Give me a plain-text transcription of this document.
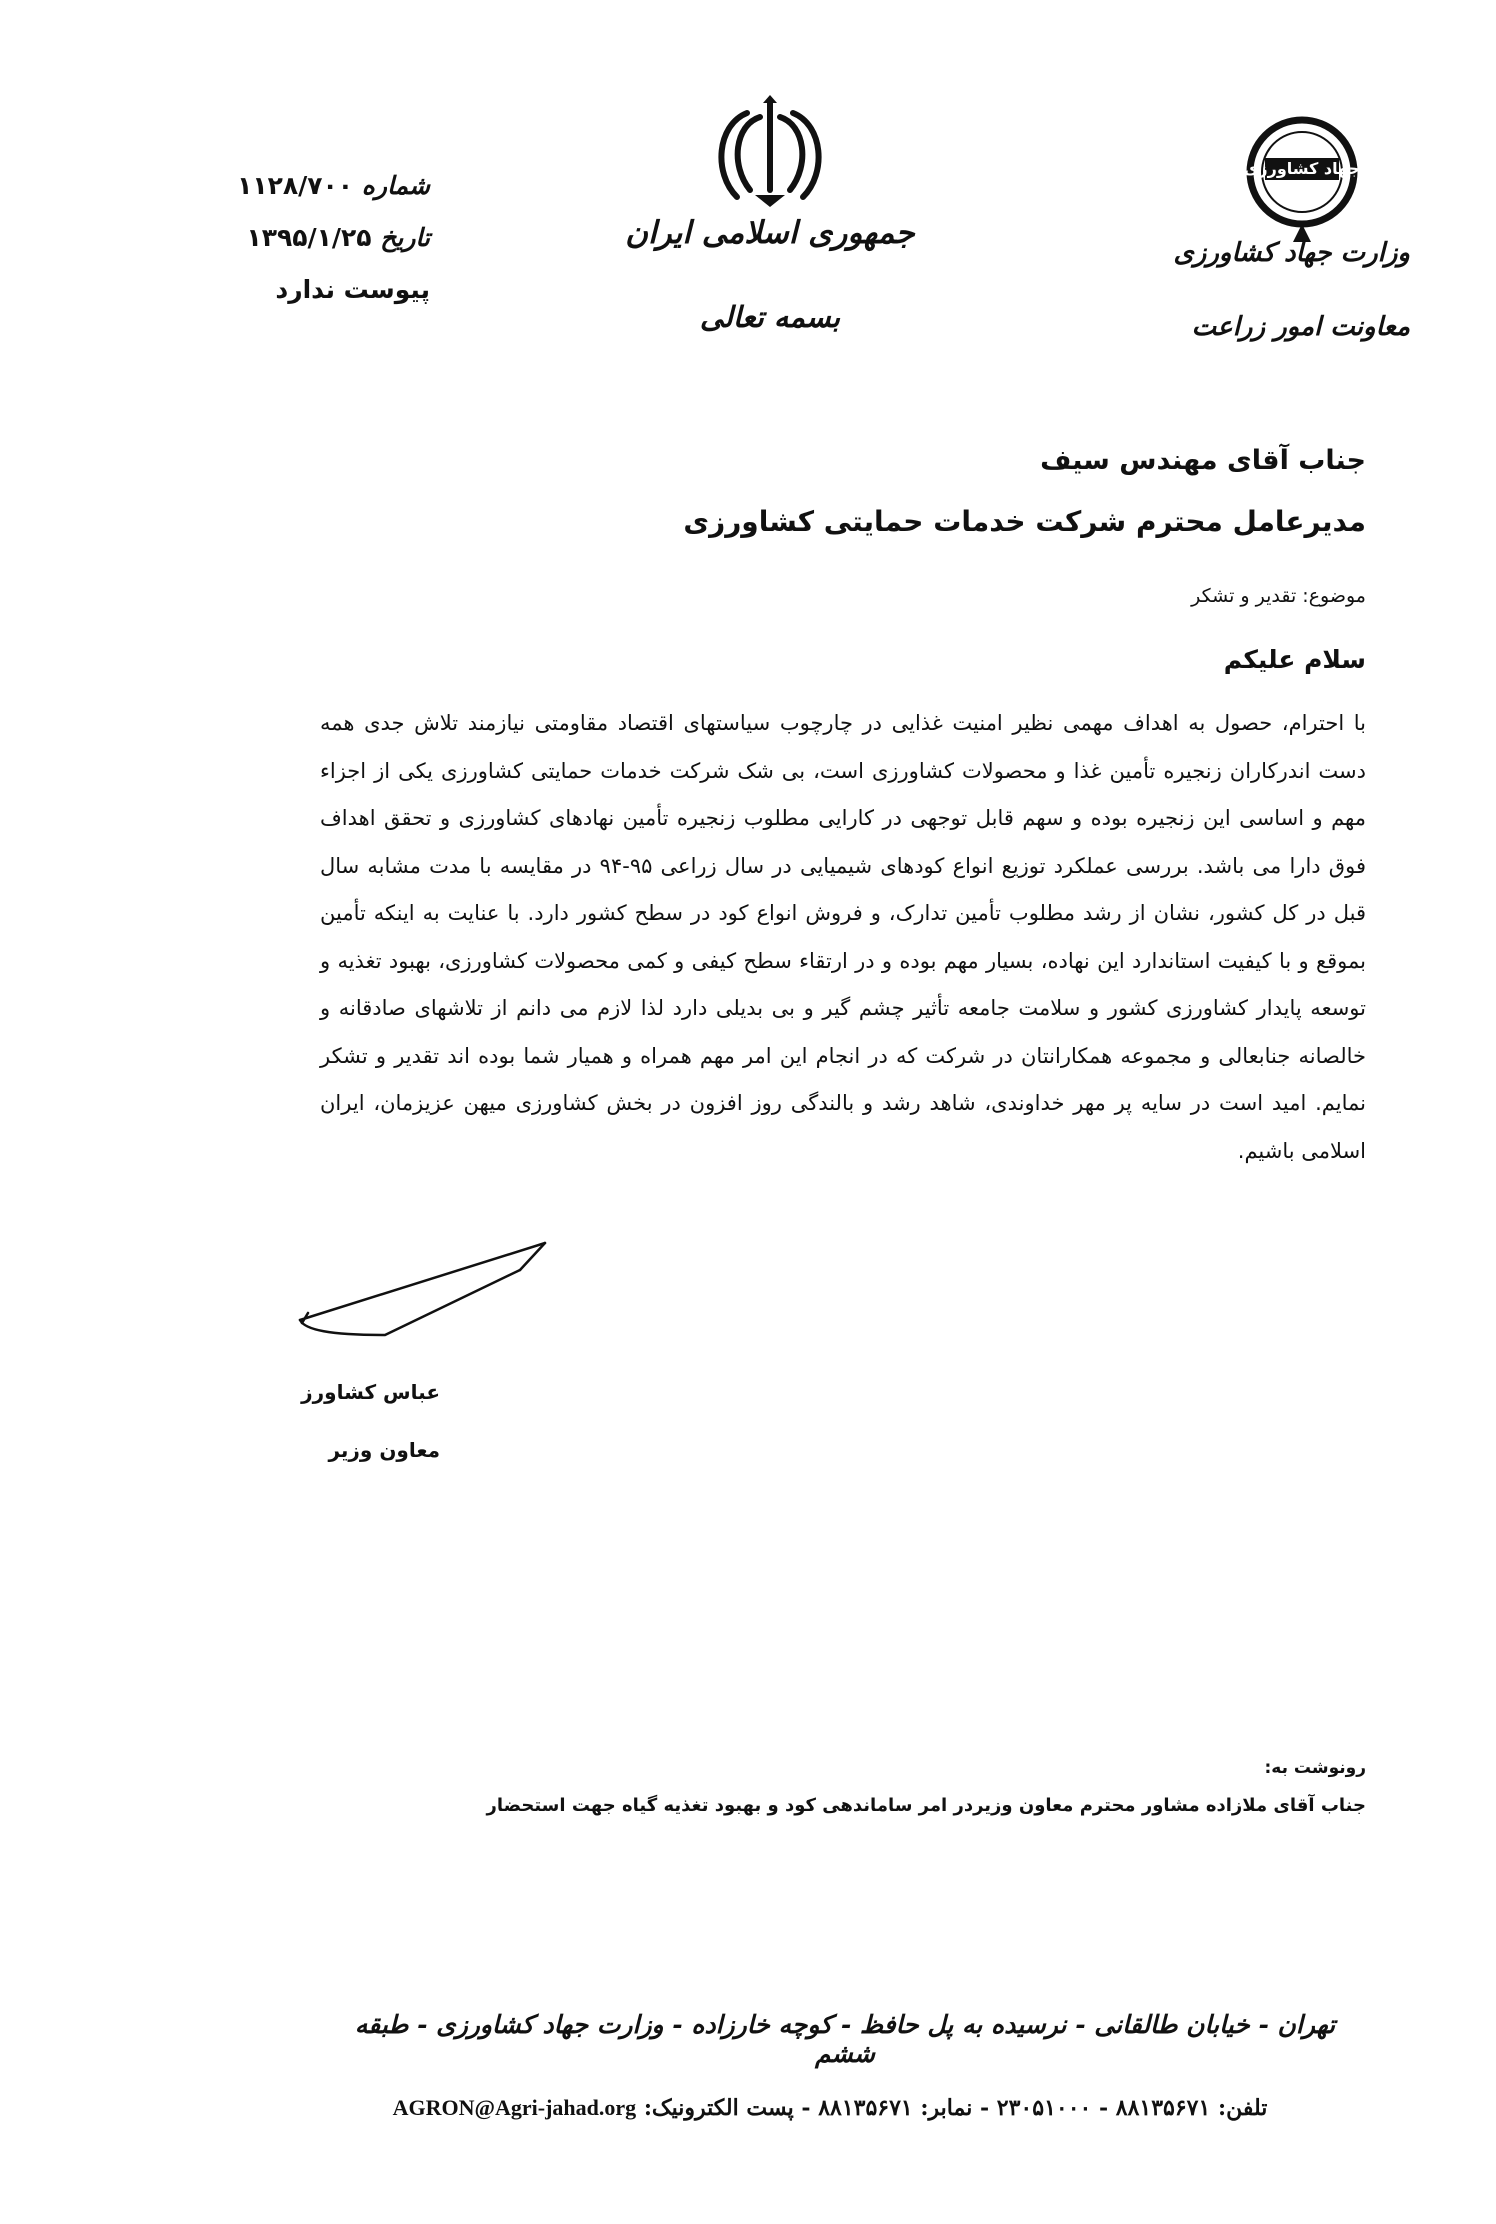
شماره ۱۱۲۸/۷۰۰
تاریخ ۱۳۹۵/۱/۲۵
پیوست ندارد
جمهوری اسلامی ایران
بسمه تعالی
جهاد کشاورزی
وزارت جهاد کشاورزی
معاونت امور زراعت
جناب آقای مهندس سیف
مدیرعامل محترم شرکت خدمات حمایتی کشاورزی
موضوع: تقدیر و تشکر
سلام علیکم
با احترام، حصول به اهداف مهمی نظیر امنیت غذایی در چارچوب سیاستهای اقتصاد مقاومتی نیازمند تلاش جدی همه دست اندرکاران زنجیره تأمین غذا و محصولات کشاورزی است، بی شک شرکت خدمات حمایتی کشاورزی یکی از اجزاء مهم و اساسی این زنجیره بوده و سهم قابل توجهی در کارایی مطلوب زنجیره تأمین نهادهای کشاورزی و تحقق اهداف فوق دارا می باشد. بررسی عملکرد توزیع انواع کودهای شیمیایی در سال زراعی ۹۵-۹۴ در مقایسه با مدت مشابه سال قبل در کل کشور، نشان از رشد مطلوب تأمین تدارک، و فروش انواع کود در سطح کشور دارد. با عنایت به اینکه تأمین بموقع و با کیفیت استاندارد این نهاده، بسیار مهم بوده و در ارتقاء سطح کیفی و کمی محصولات کشاورزی، بهبود تغذیه و توسعه پایدار کشاورزی کشور و سلامت جامعه تأثیر چشم گیر و بی بدیلی دارد لذا لازم می دانم از تلاشهای صادقانه و خالصانه جنابعالی و مجموعه همکارانتان در شرکت که در انجام این امر مهم همراه و همیار شما بوده اند تقدیر و تشکر نمایم. امید است در سایه پر مهر خداوندی، شاهد رشد و بالندگی روز افزون در بخش کشاورزی میهن عزیزمان، ایران اسلامی باشیم.
عباس کشاورز
معاون وزیر
رونوشت به:
جناب آقای ملازاده مشاور محترم معاون وزیردر امر ساماندهی کود و بهبود تغذیه گیاه جهت استحضار
تهران - خیابان طالقانی - نرسیده به پل حافظ - کوچه خارزاده - وزارت جهاد کشاورزی - طبقه ششم
تلفن: ۸۸۱۳۵۶۷۱ - ۲۳۰۵۱۰۰۰ - نمابر: ۸۸۱۳۵۶۷۱ - پست الکترونیک: AGRON@Agri-jahad.org
